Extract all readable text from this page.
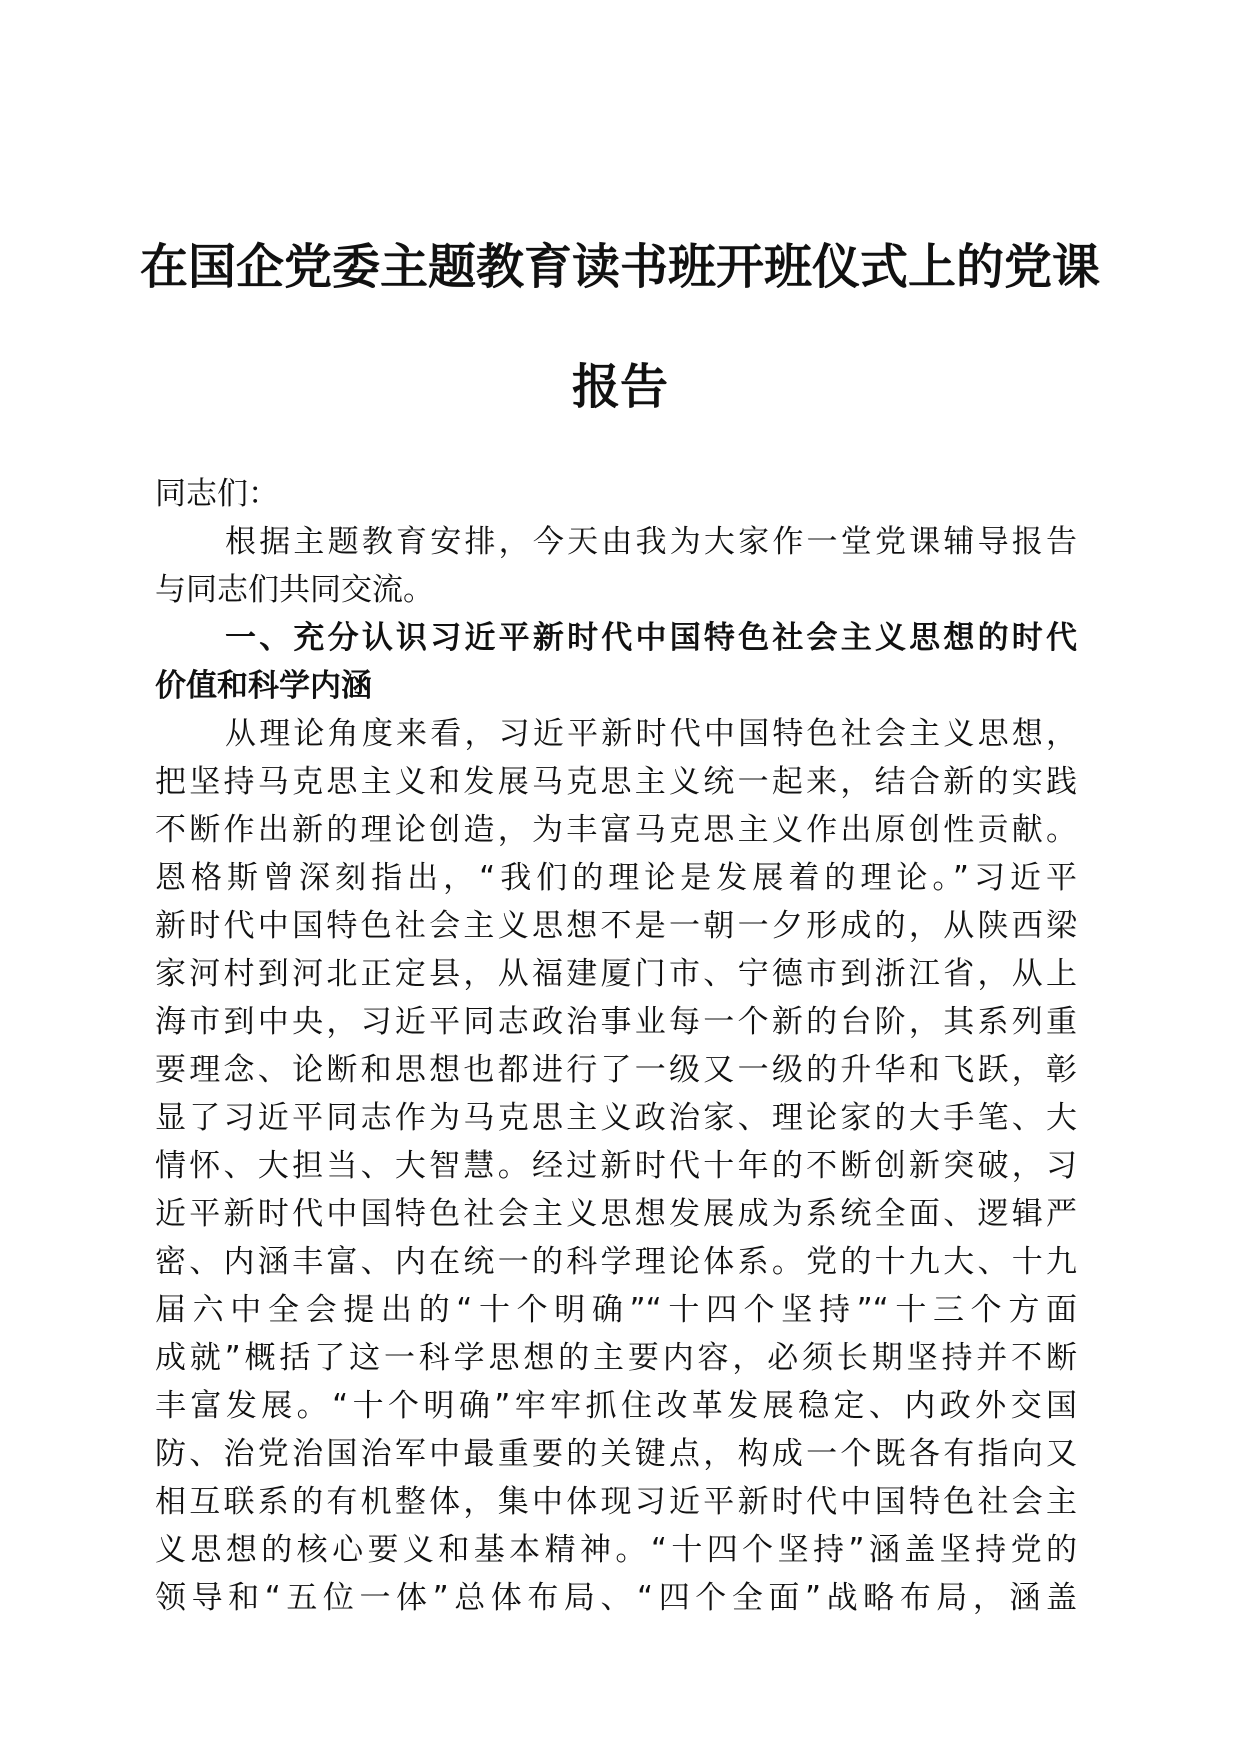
在国企党委主题教育读书班开班仪式上的党课
报告
同志们：
根据主题教育安排，今天由我为大家作一堂党课辅导报告
与同志们共同交流。
一、充分认识习近平新时代中国特色社会主义思想的时代
价值和科学内涵
从理论角度来看，习近平新时代中国特色社会主义思想，
把坚持马克思主义和发展马克思主义统一起来，结合新的实践
不断作出新的理论创造，为丰富马克思主义作出原创性贡献。
恩格斯曾深刻指出，“我们的理论是发展着的理论。”习近平
新时代中国特色社会主义思想不是一朝一夕形成的，从陕西梁
家河村到河北正定县，从福建厦门市、宁德市到浙江省，从上
海市到中央，习近平同志政治事业每一个新的台阶，其系列重
要理念、论断和思想也都进行了一级又一级的升华和飞跃，彰
显了习近平同志作为马克思主义政治家、理论家的大手笔、大
情怀、大担当、大智慧。经过新时代十年的不断创新突破，习
近平新时代中国特色社会主义思想发展成为系统全面、逻辑严
密、内涵丰富、内在统一的科学理论体系。党的十九大、十九
届六中全会提出的“十个明确”“十四个坚持”“十三个方面
成就”概括了这一科学思想的主要内容，必须长期坚持并不断
丰富发展。“十个明确”牢牢抓住改革发展稳定、内政外交国
防、治党治国治军中最重要的关键点，构成一个既各有指向又
相互联系的有机整体，集中体现习近平新时代中国特色社会主
义思想的核心要义和基本精神。“十四个坚持”涵盖坚持党的
领导和“五位一体”总体布局、“四个全面”战略布局，涵盖
